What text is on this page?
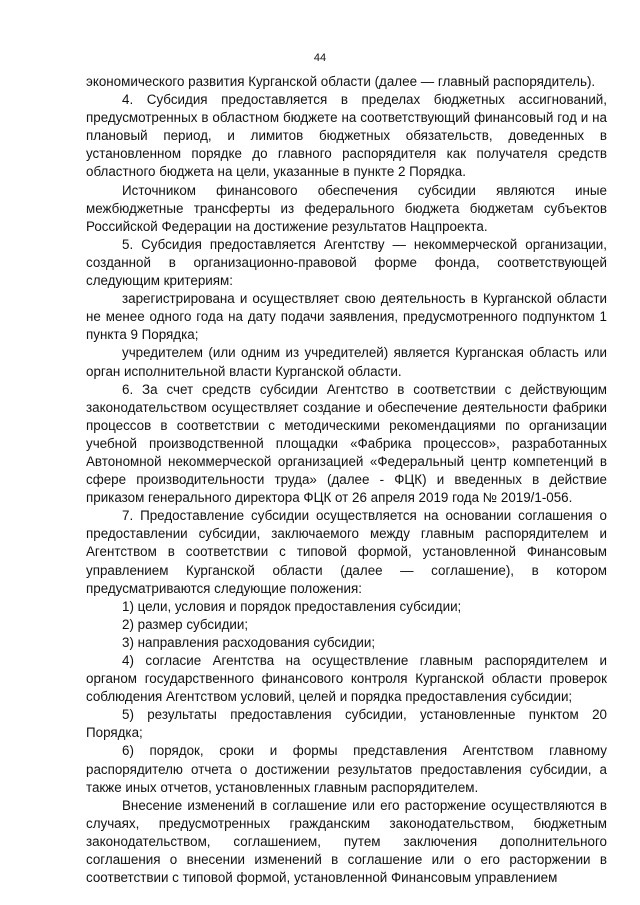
44

экономического развития Курганской области (далее — главный распорядитель).

4. Субсидия предоставляется в пределах бюджетных ассигнований, предусмотренных в областном бюджете на соответствующий финансовый год и на плановый период, и лимитов бюджетных обязательств, доведенных в установленном порядке до главного распорядителя как получателя средств областного бюджета на цели, указанные в пункте 2 Порядка.

Источником финансового обеспечения субсидии являются иные межбюджетные трансферты из федерального бюджета бюджетам субъектов Российской Федерации на достижение результатов Нацпроекта.

5. Субсидия предоставляется Агентству — некоммерческой организации, созданной в организационно-правовой форме фонда, соответствующей следующим критериям:

зарегистрирована и осуществляет свою деятельность в Курганской области не менее одного года на дату подачи заявления, предусмотренного подпунктом 1 пункта 9 Порядка;

учредителем (или одним из учредителей) является Курганская область или орган исполнительной власти Курганской области.

6. За счет средств субсидии Агентство в соответствии с действующим законодательством осуществляет создание и обеспечение деятельности фабрики процессов в соответствии с методическими рекомендациями по организации учебной производственной площадки «Фабрика процессов», разработанных Автономной некоммерческой организацией «Федеральный центр компетенций в сфере производительности труда» (далее - ФЦК) и введенных в действие приказом генерального директора ФЦК от 26 апреля 2019 года № 2019/1-056.

7. Предоставление субсидии осуществляется на основании соглашения о предоставлении субсидии, заключаемого между главным распорядителем и Агентством в соответствии с типовой формой, установленной Финансовым управлением Курганской области (далее — соглашение), в котором предусматриваются следующие положения:

1) цели, условия и порядок предоставления субсидии;

2) размер субсидии;

3) направления расходования субсидии;

4) согласие Агентства на осуществление главным распорядителем и органом государственного финансового контроля Курганской области проверок соблюдения Агентством условий, целей и порядка предоставления субсидии;

5) результаты предоставления субсидии, установленные пунктом 20 Порядка;

6) порядок, сроки и формы представления Агентством главному распорядителю отчета о достижении результатов предоставления субсидии, а также иных отчетов, установленных главным распорядителем.

Внесение изменений в соглашение или его расторжение осуществляются в случаях, предусмотренных гражданским законодательством, бюджетным законодательством, соглашением, путем заключения дополнительного соглашения о внесении изменений в соглашение или о его расторжении в соответствии с типовой формой, установленной Финансовым управлением
